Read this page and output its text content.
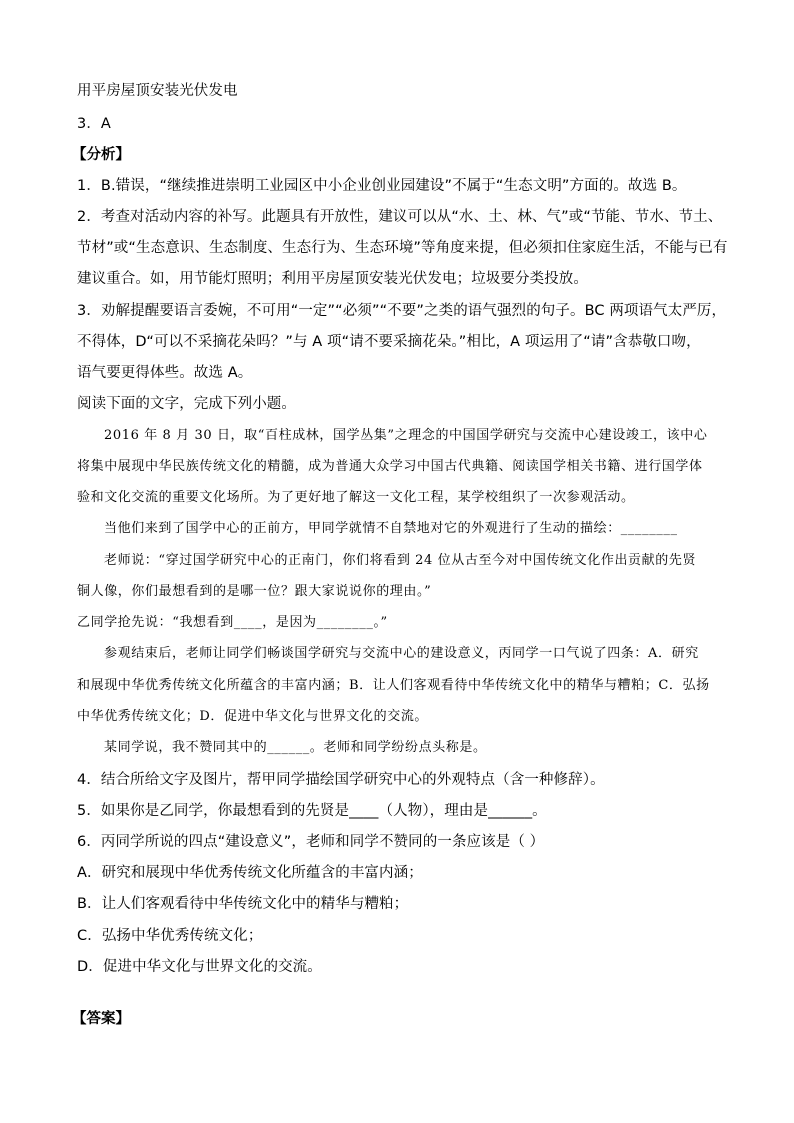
用平房屋顶安装光伏发电
3．A
【分析】
1．B.错误，“继续推进崇明工业园区中小企业创业园建设”不属于“生态文明”方面的。故选 B。
2．考查对活动内容的补写。此题具有开放性，建议可以从“水、土、林、气”或“节能、节水、节土、
节材”或“生态意识、生态制度、生态行为、生态环境”等角度来提，但必须扣住家庭生活，不能与已有
建议重合。如，用节能灯照明；利用平房屋顶安装光伏发电；垃圾要分类投放。
3．劝解提醒要语言委婉，不可用“一定”“必须”“不要”之类的语气强烈的句子。BC 两项语气太严厉，
不得体，D“可以不采摘花朵吗？”与 A 项“请不要采摘花朵。”相比，A 项运用了“请”含恭敬口吻，
语气要更得体些。故选 A。
阅读下面的文字，完成下列小题。
2016 年 8 月 30 日，取“百柱成林，国学丛集”之理念的中国国学研究与交流中心建设竣工，该中心
将集中展现中华民族传统文化的精髓，成为普通大众学习中国古代典籍、阅读国学相关书籍、进行国学体
验和文化交流的重要文化场所。为了更好地了解这一文化工程，某学校组织了一次参观活动。
当他们来到了国学中心的正前方，甲同学就情不自禁地对它的外观进行了生动的描绘：________
老师说：“穿过国学研究中心的正南门，你们将看到 24 位从古至今对中国传统文化作出贡献的先贤
铜人像，你们最想看到的是哪一位？跟大家说说你的理由。”
乙同学抢先说：“我想看到____，是因为________。”
参观结束后，老师让同学们畅谈国学研究与交流中心的建设意义，丙同学一口气说了四条：A．研究
和展现中华优秀传统文化所蕴含的丰富内涵；B．让人们客观看待中华传统文化中的精华与糟粕；C．弘扬
中华优秀传统文化；D．促进中华文化与世界文化的交流。
某同学说，我不赞同其中的______。老师和同学纷纷点头称是。
4．结合所给文字及图片，帮甲同学描绘国学研究中心的外观特点（含一种修辞）。
5．如果你是乙同学，你最想看到的先贤是____（人物），理由是______。
6．丙同学所说的四点“建设意义”，老师和同学不赞同的一条应该是（ ）
A．研究和展现中华优秀传统文化所蕴含的丰富内涵；
B．让人们客观看待中华传统文化中的精华与糟粕；
C．弘扬中华优秀传统文化；
D．促进中华文化与世界文化的交流。
【答案】
